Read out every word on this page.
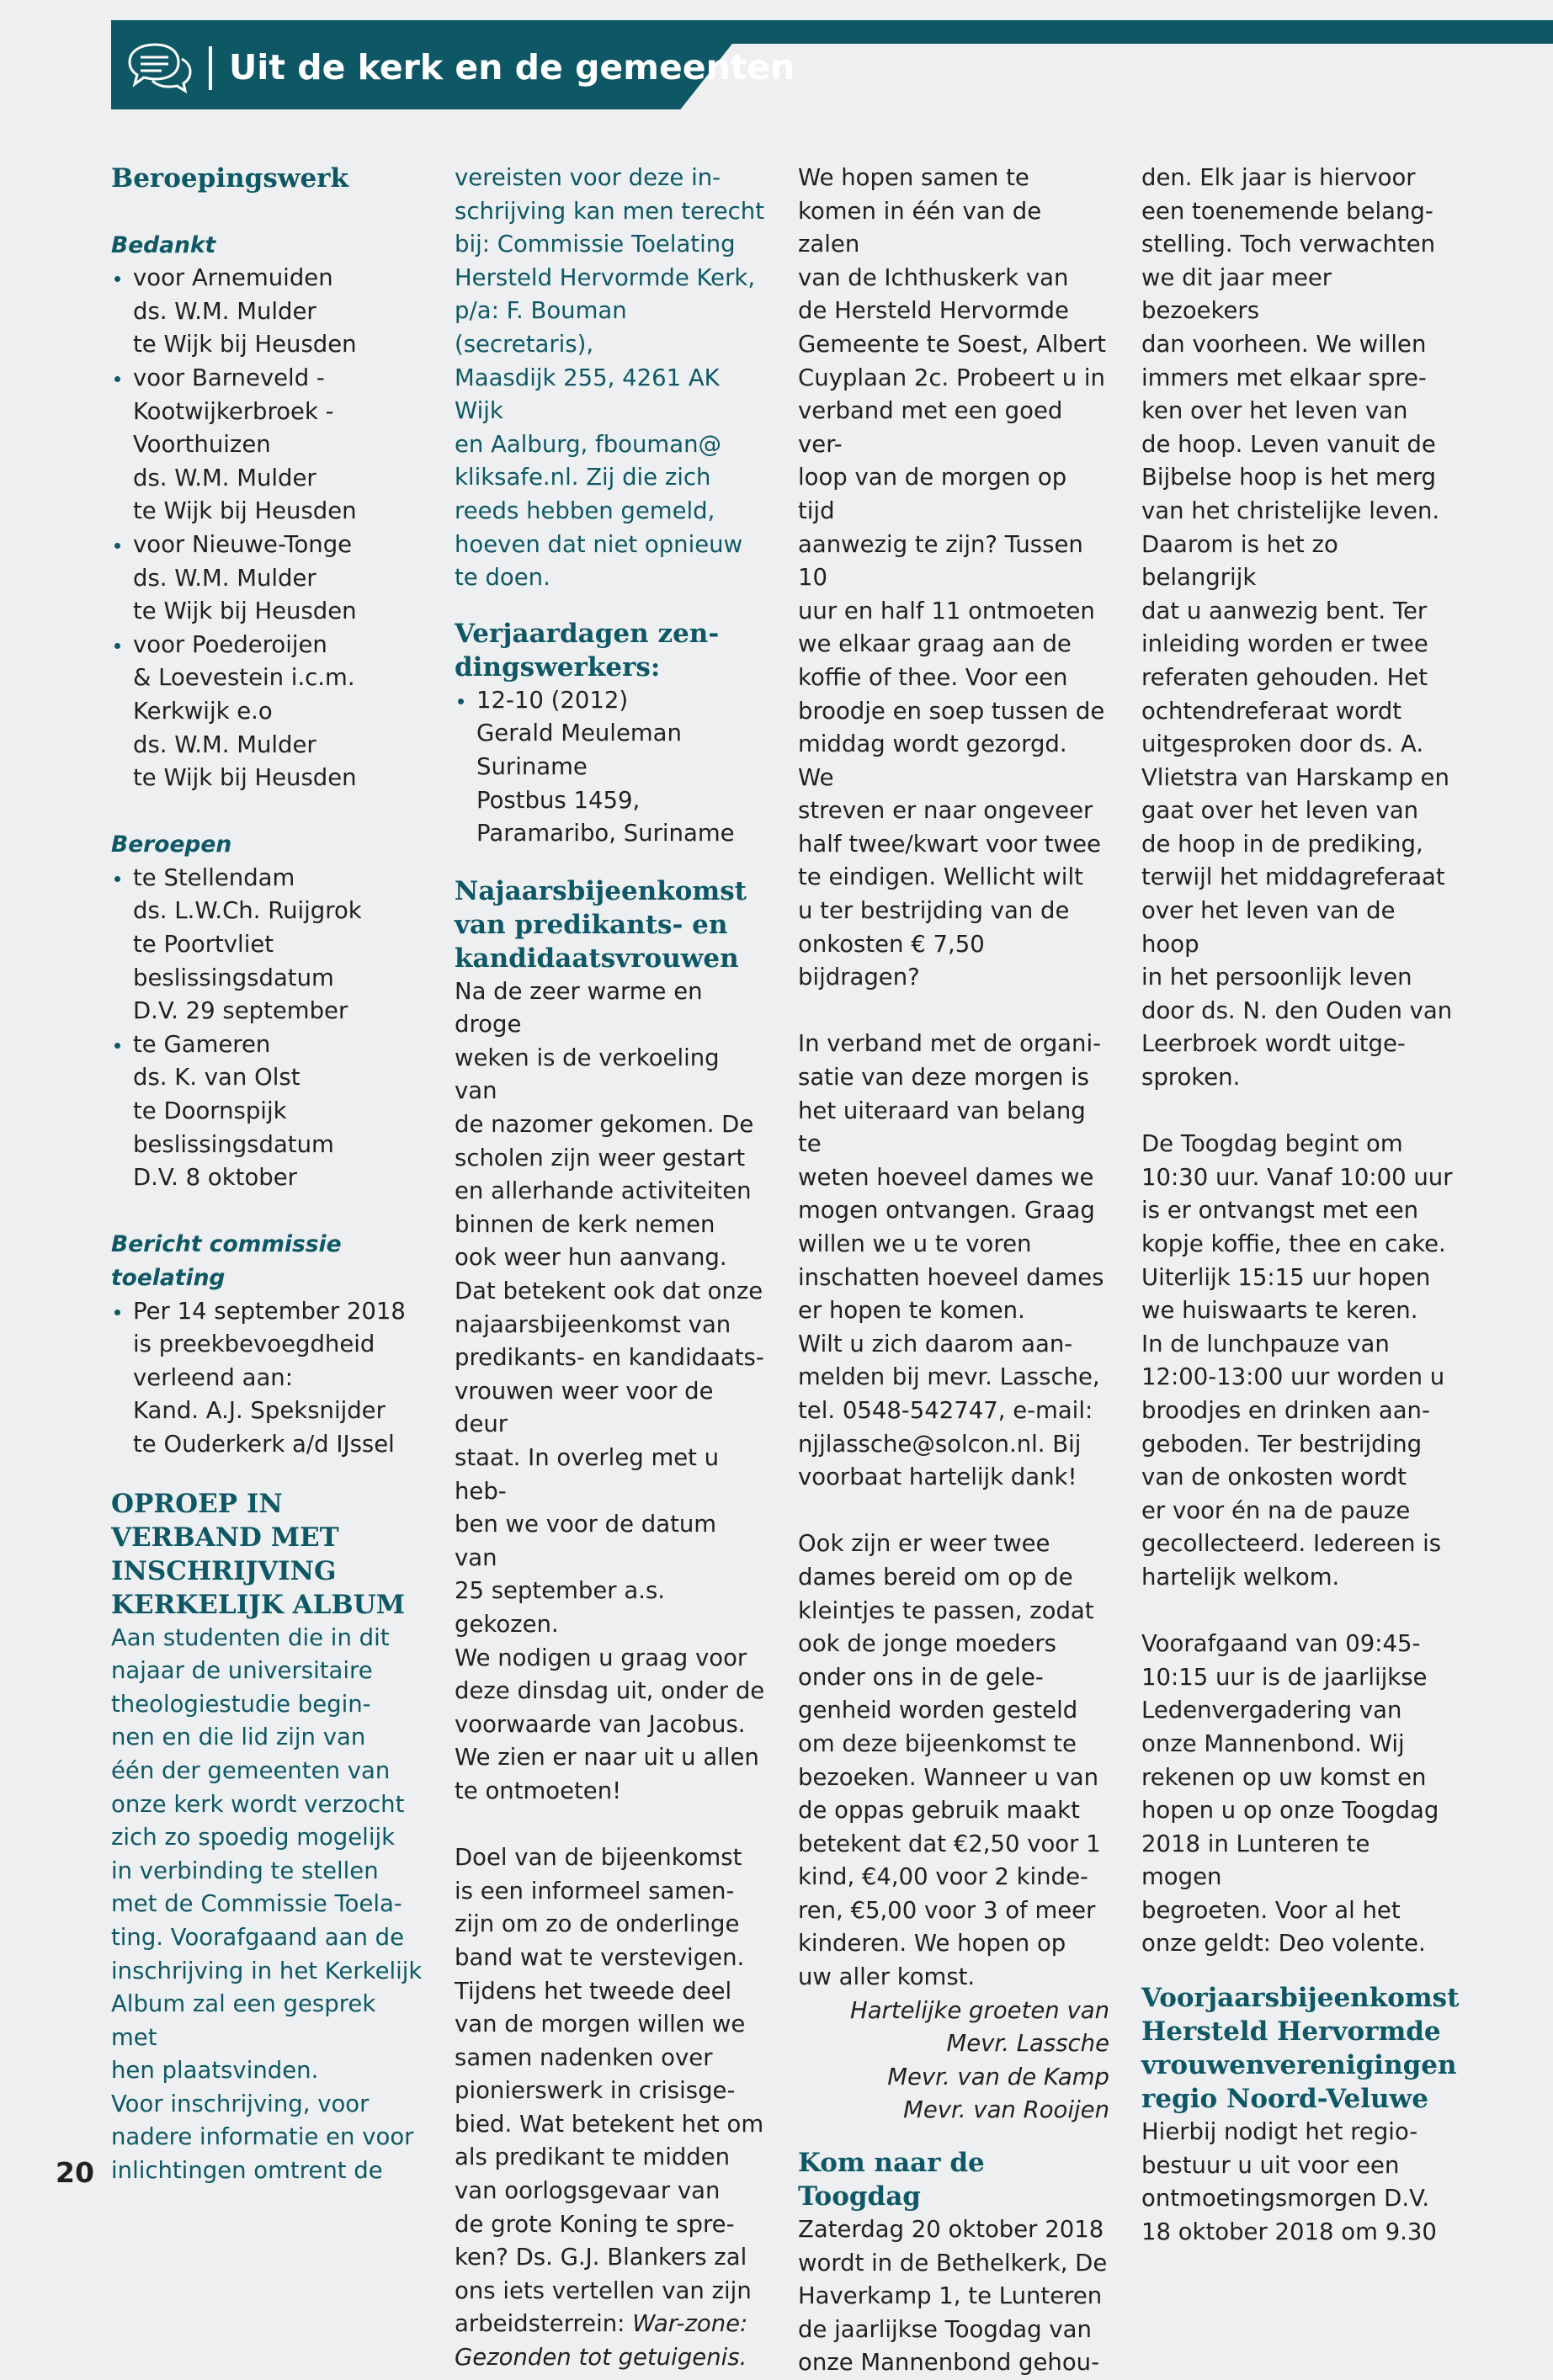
Uit de kerk en de gemeenten
Beroepingswerk
Bedankt
voor Arnemuiden
ds. W.M. Mulder
te Wijk bij Heusden
voor Barneveld -
Kootwijkerbroek -
Voorthuizen
ds. W.M. Mulder
te Wijk bij Heusden
voor Nieuwe-Tonge
ds. W.M. Mulder
te Wijk bij Heusden
voor Poederoijen
& Loevestein i.c.m.
Kerkwijk e.o
ds. W.M. Mulder
te Wijk bij Heusden
Beroepen
te Stellendam
ds. L.W.Ch. Ruijgrok
te Poortvliet
beslissingsdatum
D.V. 29 september
te Gameren
ds. K. van Olst
te Doornspijk
beslissingsdatum
D.V. 8 oktober
Bericht commissie toelating
Per 14 september 2018
is preekbevoegdheid
verleend aan:
Kand. A.J. Speksnijder
te Ouderkerk a/d IJssel
OPROEP IN
VERBAND MET
INSCHRIJVING
KERKELIJK ALBUM

Aan studenten die in dit
najaar de universitaire
theologiestudie begin-
nen en die lid zijn van
één der gemeenten van
onze kerk wordt verzocht
zich zo spoedig mogelijk
in verbinding te stellen
met de Commissie Toela-
ting. Voorafgaand aan de
inschrijving in het Kerkelijk
Album zal een gesprek met
hen plaatsvinden.
Voor inschrijving, voor
nadere informatie en voor
inlichtingen omtrent de

vereisten voor deze in-
schrijving kan men terecht
bij: Commissie Toelating
Hersteld Hervormde Kerk,
p/a: F. Bouman (secretaris),
Maasdijk 255, 4261 AK Wijk
en Aalburg, fbouman@
kliksafe.nl. Zij die zich
reeds hebben gemeld,
hoeven dat niet opnieuw
te doen.

Verjaardagen zen-
dingswerkers:
12-10 (2012)
Gerald Meuleman
Suriname
Postbus 1459,
Paramaribo, Suriname
Najaarsbijeenkomst
van predikants- en
kandidaatsvrouwen

Na de zeer warme en droge
weken is de verkoeling van
de nazomer gekomen. De
scholen zijn weer gestart
en allerhande activiteiten
binnen de kerk nemen
ook weer hun aanvang.
Dat betekent ook dat onze
najaarsbijeenkomst van
predikants- en kandidaats-
vrouwen weer voor de deur
staat. In overleg met u heb-
ben we voor de datum van
25 september a.s. gekozen.
We nodigen u graag voor
deze dinsdag uit, onder de
voorwaarde van Jacobus.
We zien er naar uit u allen
te ontmoeten!

Doel van de bijeenkomst
is een informeel samen-
zijn om zo de onderlinge
band wat te verstevigen.
Tijdens het tweede deel
van de morgen willen we
samen nadenken over
pionierswerk in crisisge-
bied. Wat betekent het om
als predikant te midden
van oorlogsgevaar van
de grote Koning te spre-
ken? Ds. G.J. Blankers zal
ons iets vertellen van zijn
arbeidsterrein: War-zone:
Gezonden tot getuigenis.

We hopen samen te
komen in één van de zalen
van de Ichthuskerk van
de Hersteld Hervormde
Gemeente te Soest, Albert
Cuyplaan 2c. Probeert u in
verband met een goed ver-
loop van de morgen op tijd
aanwezig te zijn? Tussen 10
uur en half 11 ontmoeten
we elkaar graag aan de
koffie of thee. Voor een
broodje en soep tussen de
middag wordt gezorgd. We
streven er naar ongeveer
half twee/kwart voor twee
te eindigen. Wellicht wilt
u ter bestrijding van de
onkosten € 7,50 bijdragen?

In verband met de organi-
satie van deze morgen is
het uiteraard van belang te
weten hoeveel dames we
mogen ontvangen. Graag
willen we u te voren
inschatten hoeveel dames
er hopen te komen.
Wilt u zich daarom aan-
melden bij mevr. Lassche,
tel. 0548-542747, e-mail:
njjlassche@solcon.nl. Bij
voorbaat hartelijk dank!

Ook zijn er weer twee
dames bereid om op de
kleintjes te passen, zodat
ook de jonge moeders
onder ons in de gele-
genheid worden gesteld
om deze bijeenkomst te
bezoeken. Wanneer u van
de oppas gebruik maakt
betekent dat €2,50 voor 1
kind, €4,00 voor 2 kinde-
ren, €5,00 voor 3 of meer
kinderen. We hopen op
uw aller komst.

Hartelijke groeten van
Mevr. Lassche
Mevr. van de Kamp
Mevr. van Rooijen

Kom naar de Toogdag

Zaterdag 20 oktober 2018
wordt in de Bethelkerk, De
Haverkamp 1, te Lunteren
de jaarlijkse Toogdag van
onze Mannenbond gehou-

den. Elk jaar is hiervoor
een toenemende belang-
stelling. Toch verwachten
we dit jaar meer bezoekers
dan voorheen. We willen
immers met elkaar spre-
ken over het leven van
de hoop. Leven vanuit de
Bijbelse hoop is het merg
van het christelijke leven.
Daarom is het zo belangrijk
dat u aanwezig bent. Ter
inleiding worden er twee
referaten gehouden. Het
ochtendreferaat wordt
uitgesproken door ds. A.
Vlietstra van Harskamp en
gaat over het leven van
de hoop in de prediking,
terwijl het middagreferaat
over het leven van de hoop
in het persoonlijk leven
door ds. N. den Ouden van
Leerbroek wordt uitge-
sproken.

De Toogdag begint om
10:30 uur. Vanaf 10:00 uur
is er ontvangst met een
kopje koffie, thee en cake.
Uiterlijk 15:15 uur hopen
we huiswaarts te keren.
In de lunchpauze van
12:00-13:00 uur worden u
broodjes en drinken aan-
geboden. Ter bestrijding
van de onkosten wordt
er voor én na de pauze
gecollecteerd. Iedereen is
hartelijk welkom.

Voorafgaand van 09:45-
10:15 uur is de jaarlijkse
Ledenvergadering van
onze Mannenbond. Wij
rekenen op uw komst en
hopen u op onze Toogdag
2018 in Lunteren te mogen
begroeten. Voor al het
onze geldt: Deo volente.

Voorjaarsbijeenkomst
Hersteld Hervormde
vrouwenverenigingen
regio Noord-Veluwe

Hierbij nodigt het regio-
bestuur u uit voor een
ontmoetingsmorgen D.V.
18 oktober 2018 om 9.30

20
